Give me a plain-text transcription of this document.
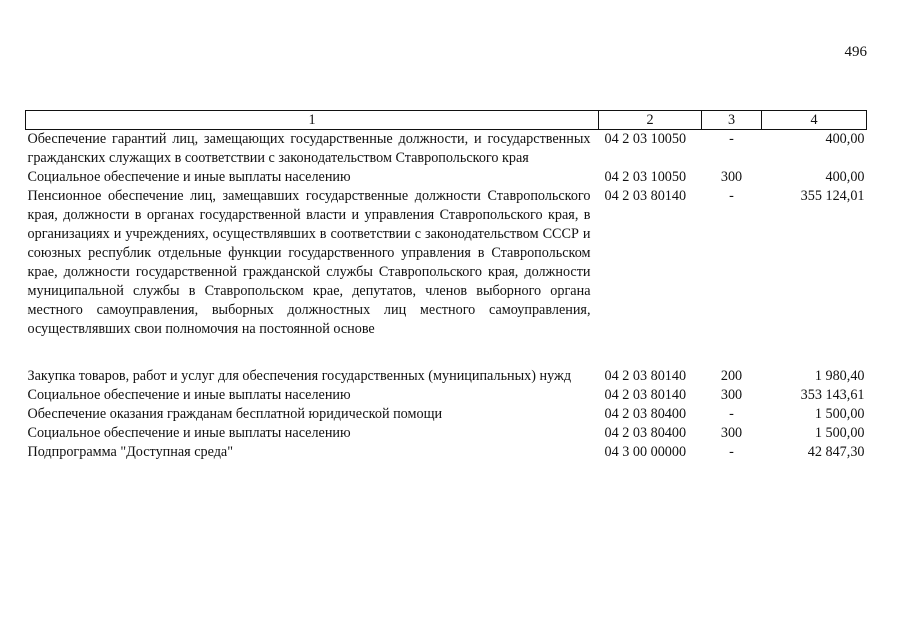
496
1	2	3	4
Обеспечение гарантий лиц, замещающих государственные должности, и государственных гражданских служащих в соответствии с законодательством Ставропольского края	04 2 03 10050	-	400,00
Социальное обеспечение и иные выплаты населению	04 2 03 10050	300	400,00
Пенсионное обеспечение лиц, замещавших государственные должности Ставропольского края, должности в органах государственной власти и управления Ставропольского края, в организациях и учреждениях, осуществлявших в соответствии с законодательством СССР и союзных республик отдельные функции государственного управления в Ставропольском крае, должности государственной гражданской службы Ставропольского края, должности муниципальной службы в Ставропольском крае, депутатов, членов выборного органа местного самоуправления, выборных должностных лиц местного самоуправления, осуществлявших свои полномочия на постоянной основе	04 2 03 80140	-	355 124,01

Закупка товаров, работ и услуг для обеспечения государственных (муниципальных) нужд	04 2 03 80140	200	1 980,40
Социальное обеспечение и иные выплаты населению	04 2 03 80140	300	353 143,61
Обеспечение оказания гражданам бесплатной юридической помощи	04 2 03 80400	-	1 500,00
Социальное обеспечение и иные выплаты населению	04 2 03 80400	300	1 500,00
Подпрограмма "Доступная среда"	04 3 00 00000	-	42 847,30
